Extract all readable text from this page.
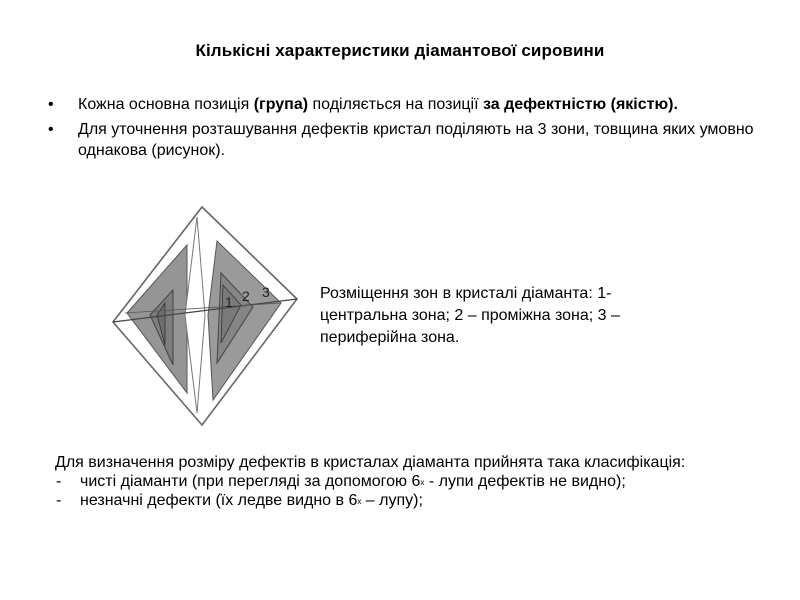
Кількісні характеристики діамантової сировини
• Кожна основна позиція (група) поділяється на позиції за дефектністю (якістю).
• Для уточнення розташування дефектів кристал поділяють на 3 зони, товщина яких умовно однакова (рисунок).
1 2 3	Розміщення зон в кристалі діаманта: 1- центральна зона; 2 – проміжна зона; 3 – периферійна зона.
Для визначення розміру дефектів в кристалах діаманта прийнята така класифікація:
- чисті діаманти (при перегляді за допомогою 6$^x$ - лупи дефектів не видно);
- незначні дефекти (їх ледве видно в 6$^x$ – лупу);
